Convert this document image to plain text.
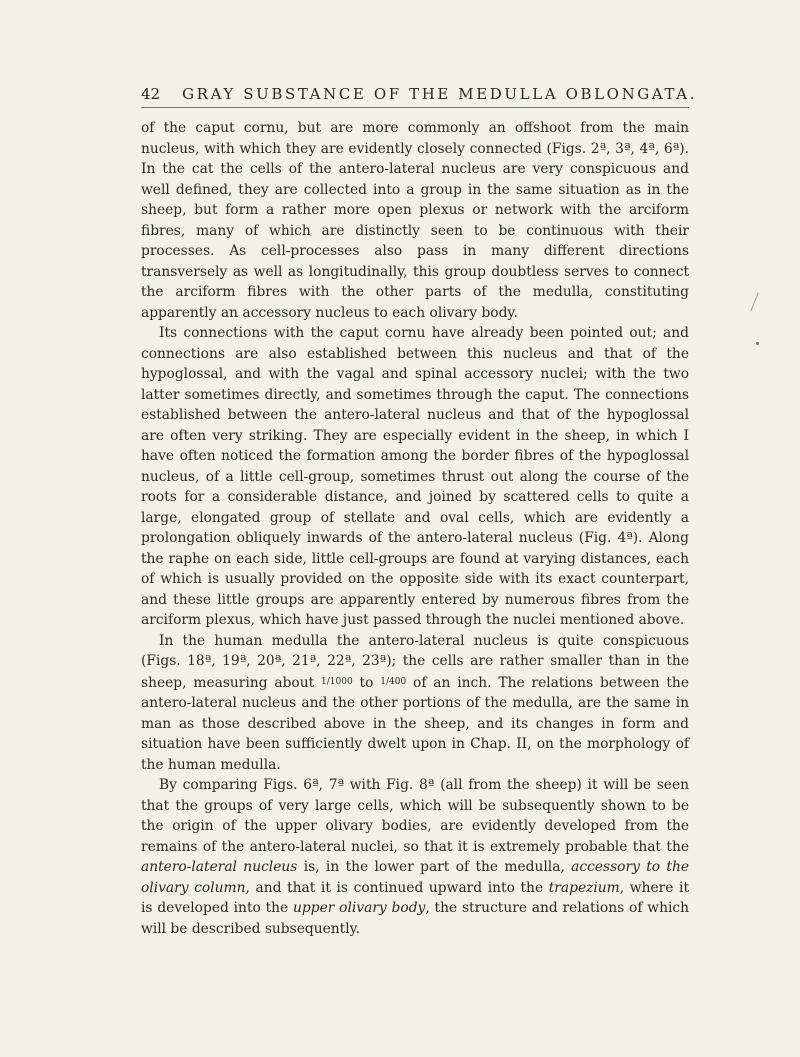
42 GRAY SUBSTANCE OF THE MEDULLA OBLONGATA.

of the caput cornu, but are more commonly an offshoot from the main nucleus, with which they are evidently closely connected (Figs. 2ª, 3ª, 4ª, 6ª). In the cat the cells of the antero-lateral nucleus are very conspicuous and well defined, they are collected into a group in the same situation as in the sheep, but form a rather more open plexus or network with the arciform fibres, many of which are distinctly seen to be continuous with their processes. As cell-processes also pass in many different directions transversely as well as longitudinally, this group doubtless serves to connect the arciform fibres with the other parts of the medulla, constituting apparently an accessory nucleus to each olivary body.

Its connections with the caput cornu have already been pointed out; and connections are also established between this nucleus and that of the hypoglossal, and with the vagal and spinal accessory nuclei; with the two latter sometimes directly, and sometimes through the caput. The connections established between the antero-lateral nucleus and that of the hypoglossal are often very striking. They are especially evident in the sheep, in which I have often noticed the formation among the border fibres of the hypoglossal nucleus, of a little cell-group, sometimes thrust out along the course of the roots for a considerable distance, and joined by scattered cells to quite a large, elongated group of stellate and oval cells, which are evidently a prolongation obliquely inwards of the antero-lateral nucleus (Fig. 4ª). Along the raphe on each side, little cell-groups are found at varying distances, each of which is usually provided on the opposite side with its exact counterpart, and these little groups are apparently entered by numerous fibres from the arciform plexus, which have just passed through the nuclei mentioned above.

In the human medulla the antero-lateral nucleus is quite conspicuous (Figs. 18ª, 19ª, 20ª, 21ª, 22ª, 23ª); the cells are rather smaller than in the sheep, measuring about $^{1/1000}$ to $^{1/400}$ of an inch. The relations between the antero-lateral nucleus and the other portions of the medulla, are the same in man as those described above in the sheep, and its changes in form and situation have been sufficiently dwelt upon in Chap. II, on the morphology of the human medulla.

By comparing Figs. 6ª, 7ª with Fig. 8ª (all from the sheep) it will be seen that the groups of very large cells, which will be subsequently shown to be the origin of the upper olivary bodies, are evidently developed from the remains of the antero-lateral nuclei, so that it is extremely probable that the antero-lateral nucleus is, in the lower part of the medulla, accessory to the olivary column, and that it is continued upward into the trapezium, where it is developed into the upper olivary body, the structure and relations of which will be described subsequently.
